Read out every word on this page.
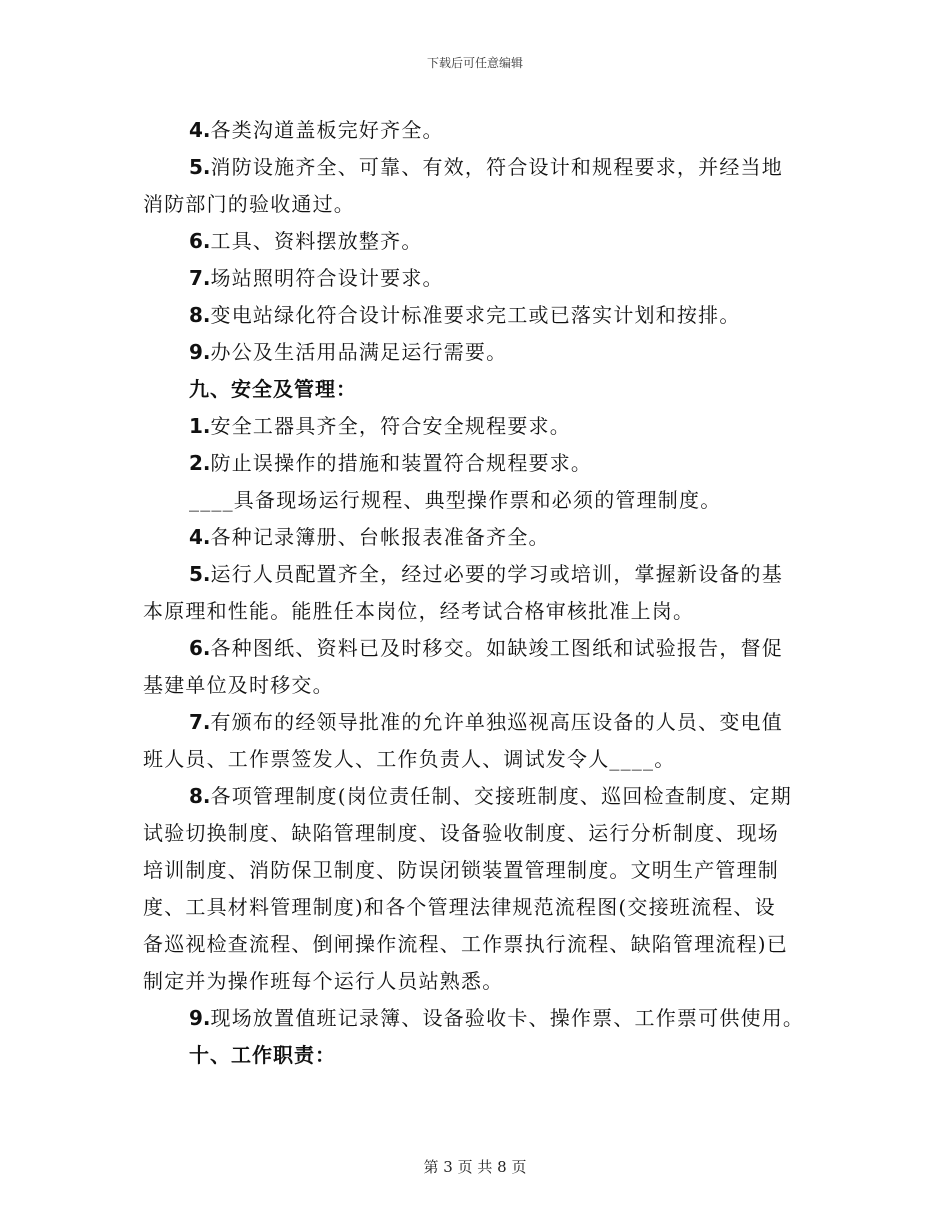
下载后可任意编辑
4.各类沟道盖板完好齐全。
5.消防设施齐全、可靠、有效，符合设计和规程要求，并经当地
消防部门的验收通过。
6.工具、资料摆放整齐。
7.场站照明符合设计要求。
8.变电站绿化符合设计标准要求完工或已落实计划和按排。
9.办公及生活用品满足运行需要。
九、安全及管理：
1.安全工器具齐全，符合安全规程要求。
2.防止误操作的措施和装置符合规程要求。
____具备现场运行规程、典型操作票和必须的管理制度。
4.各种记录簿册、台帐报表准备齐全。
5.运行人员配置齐全，经过必要的学习或培训，掌握新设备的基
本原理和性能。能胜任本岗位，经考试合格审核批准上岗。
6.各种图纸、资料已及时移交。如缺竣工图纸和试验报告，督促
基建单位及时移交。
7.有颁布的经领导批准的允许单独巡视高压设备的人员、变电值
班人员、工作票签发人、工作负责人、调试发令人____。
8.各项管理制度(岗位责任制、交接班制度、巡回检查制度、定期
试验切换制度、缺陷管理制度、设备验收制度、运行分析制度、现场
培训制度、消防保卫制度、防误闭锁装置管理制度。文明生产管理制
度、工具材料管理制度)和各个管理法律规范流程图(交接班流程、设
备巡视检查流程、倒闸操作流程、工作票执行流程、缺陷管理流程)已
制定并为操作班每个运行人员站熟悉。
9.现场放置值班记录簿、设备验收卡、操作票、工作票可供使用。
十、工作职责：
第 3 页 共 8 页
